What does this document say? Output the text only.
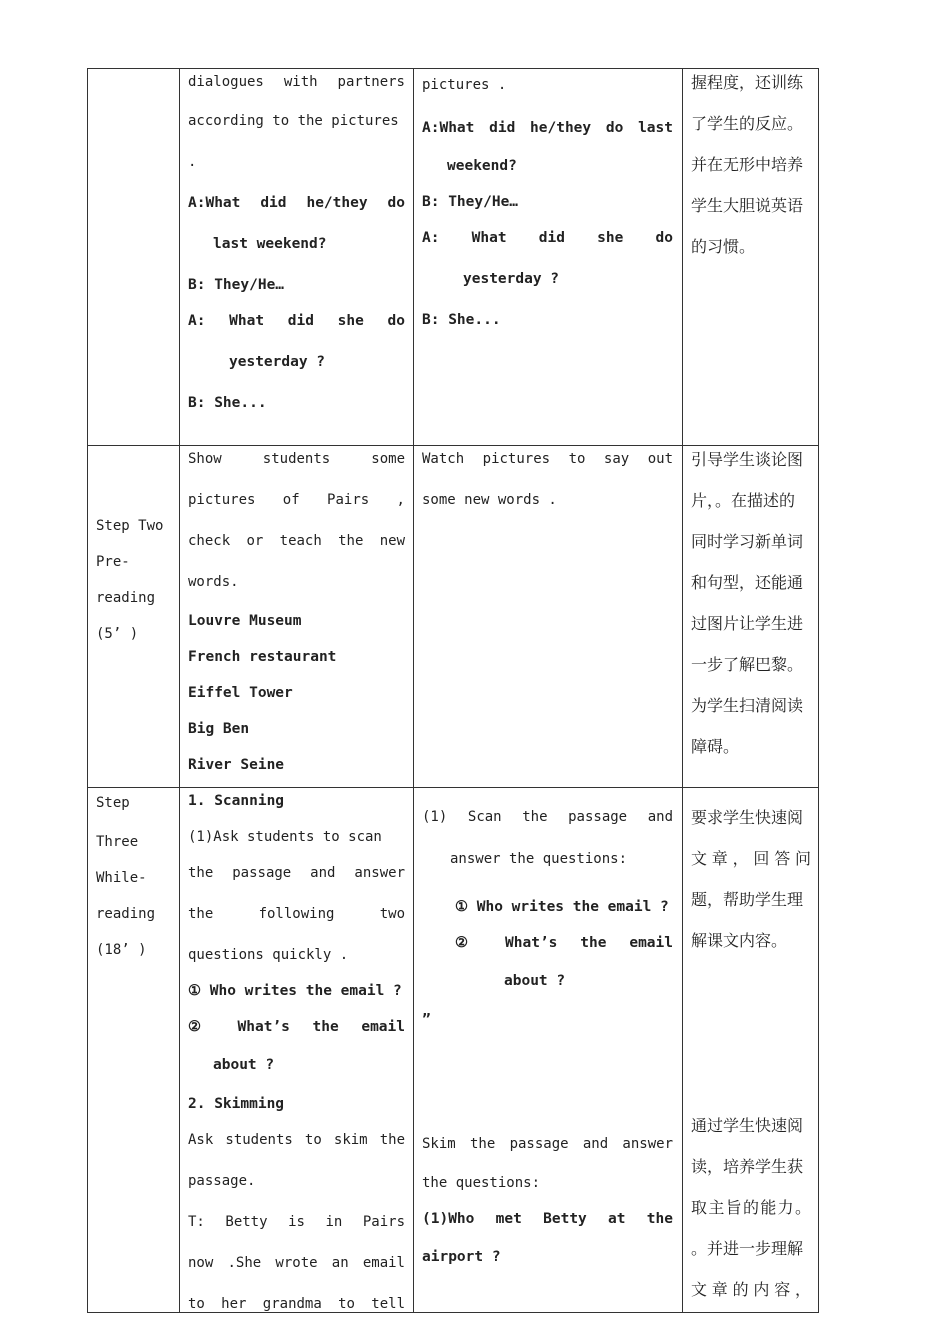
dialogues with partners

according to the pictures

.

A:What did he/they do

last weekend?

B: They/He…

A: What did she do

yesterday ?

B: She...

pictures .

A:What did he/they do last

weekend?

B: They/He…

A: What did she do

yesterday ?

B: She...

握程度，还训练

了学生的反应。

并在无形中培养

学生大胆说英语

的习惯。

Step Two

Pre-

reading

(5’ )

Show students some

pictures of Pairs ,

check or teach the new

words.

Louvre Museum

French restaurant

Eiffel Tower

Big Ben

River Seine

Watch pictures to say out

some new words .

引导学生谈论图

片，。在描述的

同时学习新单词

和句型，还能通

过图片让学生进

一步了解巴黎。

为学生扫清阅读

障碍。

Step

Three

While-

reading

(18’ )

1. Scanning

(1)Ask students to scan

the passage and answer

the following two

questions quickly .

① Who writes the email ?

② What’s the email

about ?

2. Skimming

Ask students to skim the

passage.

T: Betty is in Pairs

now .She wrote an email

to her grandma to tell

(1) Scan the passage and

answer the questions:

① Who writes the email ?

② What’s the email

about ?

”

Skim the passage and answer

the questions:

(1)Who met Betty at the

airport ?

要求学生快速阅

文章，回答问

题，帮助学生理

解课文内容。

通过学生快速阅

读，培养学生获

取主旨的能力。

。并进一步理解

文章的内容，
